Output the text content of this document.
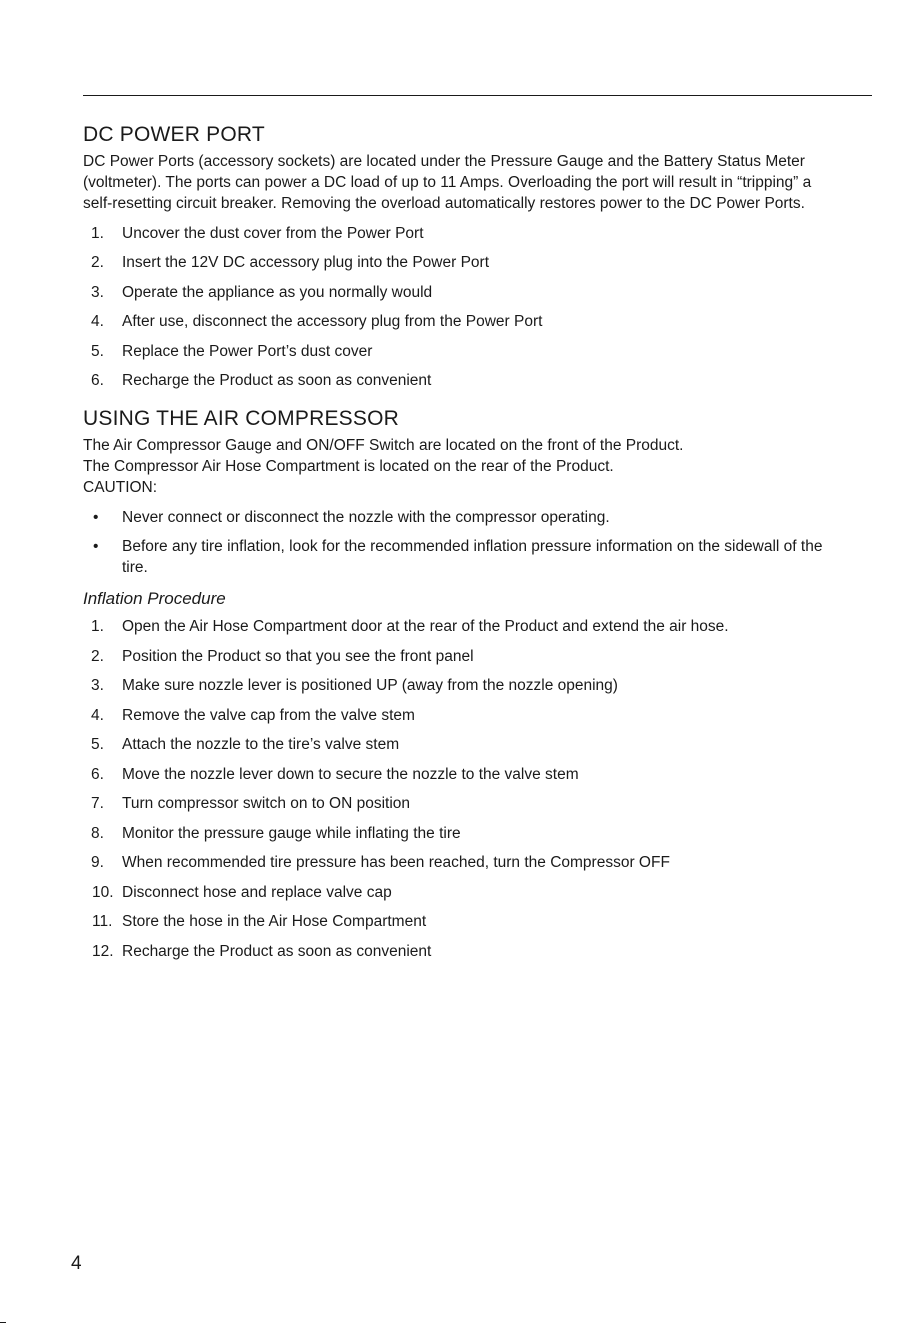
DC POWER PORT

DC Power Ports (accessory sockets) are located under the Pressure Gauge and the Battery Status Meter (voltmeter). The ports can power a DC load of up to 11 Amps. Overloading the port will result in “tripping” a self-resetting circuit breaker. Removing the overload automatically restores power to the DC Power Ports.

1. Uncover the dust cover from the Power Port
2. Insert the 12V DC accessory plug into the Power Port
3. Operate the appliance as you normally would
4. After use, disconnect the accessory plug from the Power Port
5. Replace the Power Port’s dust cover
6. Recharge the Product as soon as convenient
USING THE AIR COMPRESSOR

The Air Compressor Gauge and ON/OFF Switch are located on the front of the Product.

The Compressor Air Hose Compartment is located on the rear of the Product.

CAUTION:

• Never connect or disconnect the nozzle with the compressor operating.
• Before any tire inflation, look for the recommended inflation pressure information on the sidewall of the tire.
Inflation Procedure
1. Open the Air Hose Compartment door at the rear of the Product and extend the air hose.
2. Position the Product so that you see the front panel
3. Make sure nozzle lever is positioned UP (away from the nozzle opening)
4. Remove the valve cap from the valve stem
5. Attach the nozzle to the tire’s valve stem
6. Move the nozzle lever down to secure the nozzle to the valve stem
7. Turn compressor switch on to ON position
8. Monitor the pressure gauge while inflating the tire
9. When recommended tire pressure has been reached, turn the Compressor OFF
10. Disconnect hose and replace valve cap
11. Store the hose in the Air Hose Compartment
12. Recharge the Product as soon as convenient
4
